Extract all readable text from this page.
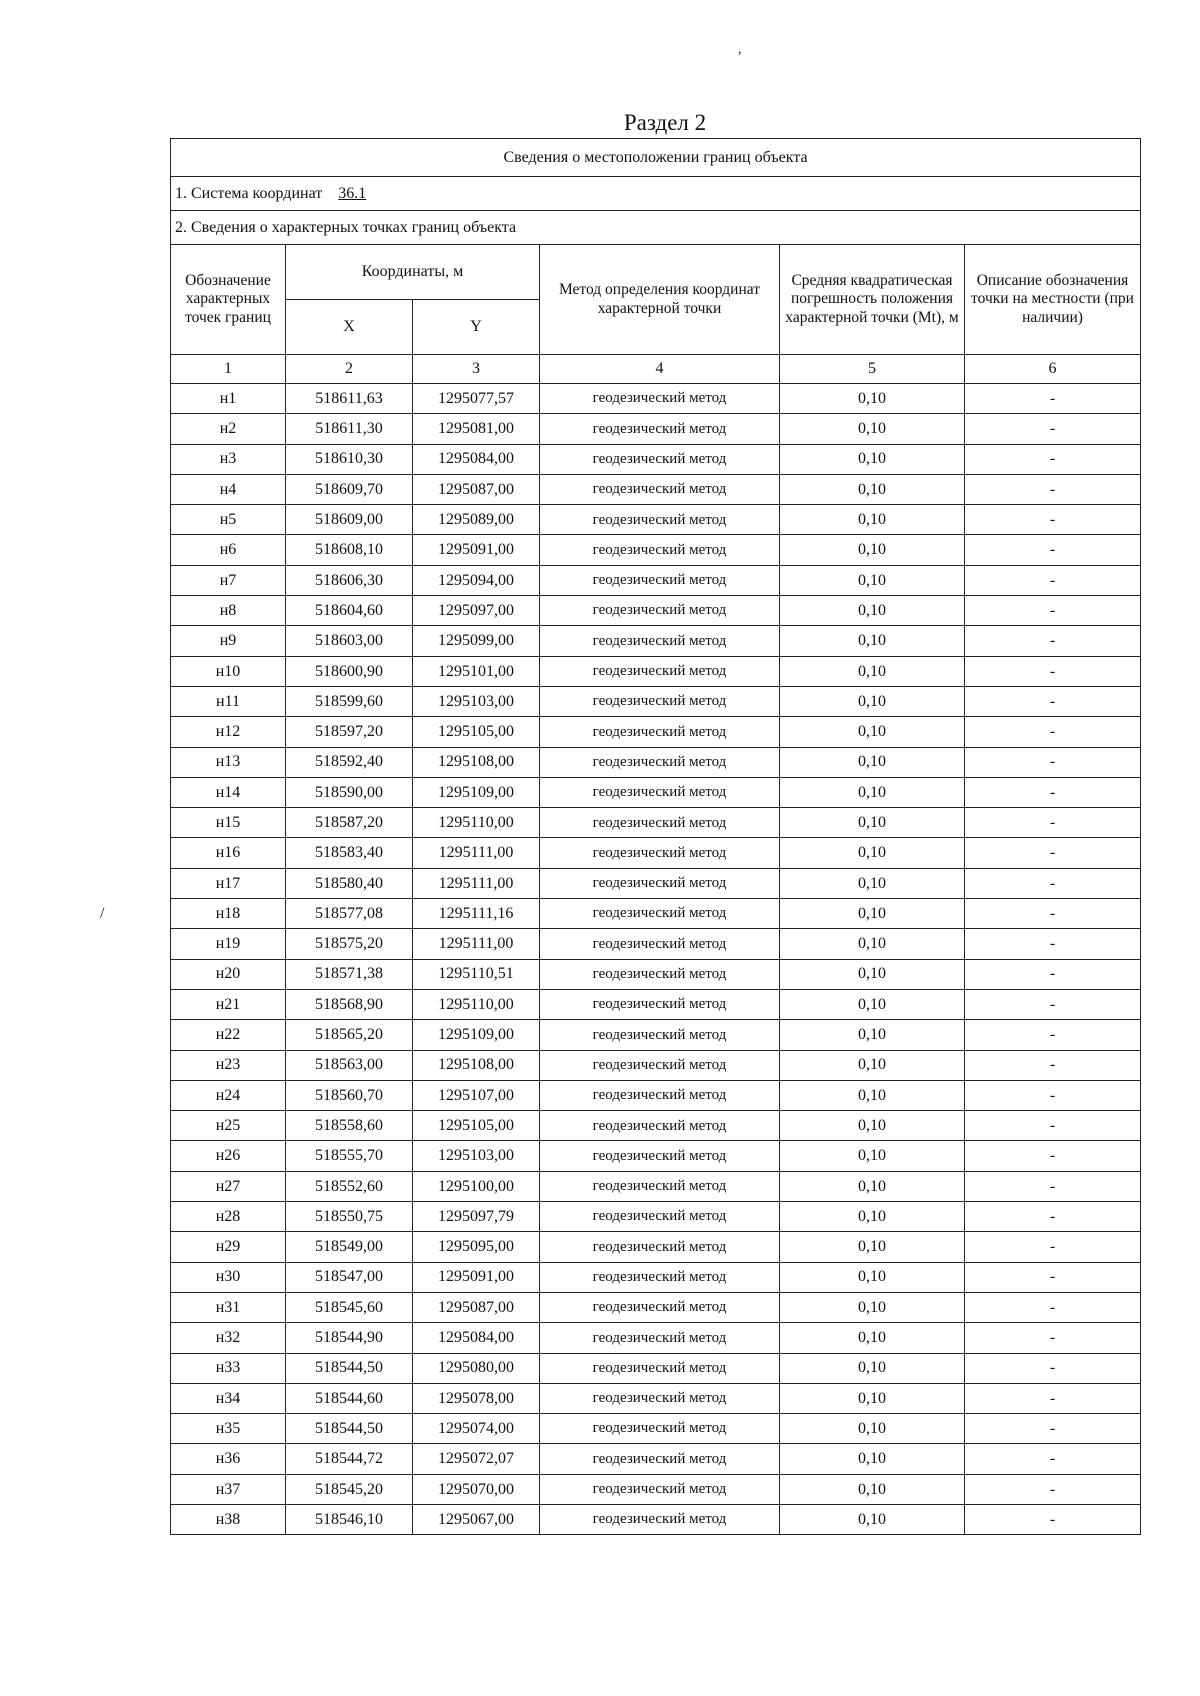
Раздел 2
Сведения о местоположении границ объекта					
1. Система координат 36.1					
2. Сведения о характерных точках границ объекта					
Обозначение характерных точек границ	Координаты, м		Метод определения координат характерной точки	Средняя квадратическая погрешность положения характерной точки (Mt), м	Описание обозначения точки на местности (при наличии)
	X	Y			
1	2	3	4	5	6
н1	518611,63	1295077,57	геодезический метод	0,10	-
н2	518611,30	1295081,00	геодезический метод	0,10	-
н3	518610,30	1295084,00	геодезический метод	0,10	-
н4	518609,70	1295087,00	геодезический метод	0,10	-
н5	518609,00	1295089,00	геодезический метод	0,10	-
н6	518608,10	1295091,00	геодезический метод	0,10	-
н7	518606,30	1295094,00	геодезический метод	0,10	-
н8	518604,60	1295097,00	геодезический метод	0,10	-
н9	518603,00	1295099,00	геодезический метод	0,10	-
н10	518600,90	1295101,00	геодезический метод	0,10	-
н11	518599,60	1295103,00	геодезический метод	0,10	-
н12	518597,20	1295105,00	геодезический метод	0,10	-
н13	518592,40	1295108,00	геодезический метод	0,10	-
н14	518590,00	1295109,00	геодезический метод	0,10	-
н15	518587,20	1295110,00	геодезический метод	0,10	-
н16	518583,40	1295111,00	геодезический метод	0,10	-
н17	518580,40	1295111,00	геодезический метод	0,10	-
н18	518577,08	1295111,16	геодезический метод	0,10	-
н19	518575,20	1295111,00	геодезический метод	0,10	-
н20	518571,38	1295110,51	геодезический метод	0,10	-
н21	518568,90	1295110,00	геодезический метод	0,10	-
н22	518565,20	1295109,00	геодезический метод	0,10	-
н23	518563,00	1295108,00	геодезический метод	0,10	-
н24	518560,70	1295107,00	геодезический метод	0,10	-
н25	518558,60	1295105,00	геодезический метод	0,10	-
н26	518555,70	1295103,00	геодезический метод	0,10	-
н27	518552,60	1295100,00	геодезический метод	0,10	-
н28	518550,75	1295097,79	геодезический метод	0,10	-
н29	518549,00	1295095,00	геодезический метод	0,10	-
н30	518547,00	1295091,00	геодезический метод	0,10	-
н31	518545,60	1295087,00	геодезический метод	0,10	-
н32	518544,90	1295084,00	геодезический метод	0,10	-
н33	518544,50	1295080,00	геодезический метод	0,10	-
н34	518544,60	1295078,00	геодезический метод	0,10	-
н35	518544,50	1295074,00	геодезический метод	0,10	-
н36	518544,72	1295072,07	геодезический метод	0,10	-
н37	518545,20	1295070,00	геодезический метод	0,10	-
н38	518546,10	1295067,00	геодезический метод	0,10	-
,
/
